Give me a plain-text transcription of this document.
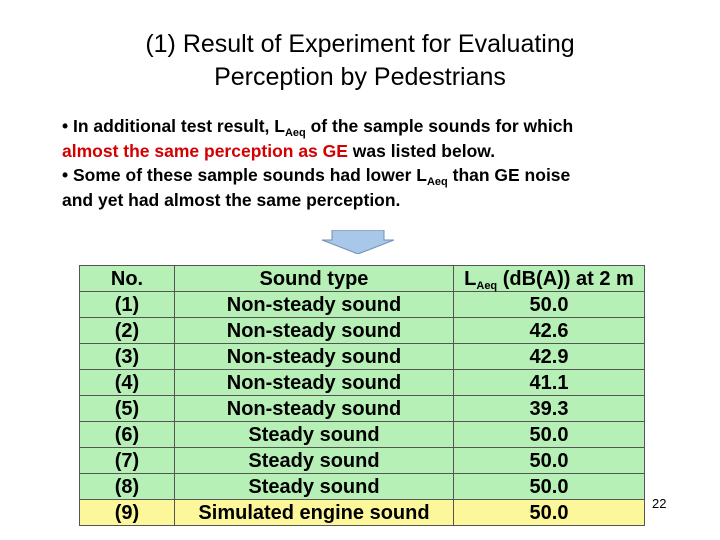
(1) Result of Experiment for Evaluating
Perception by Pedestrians
• In additional test result, $L_{Aeq}$ of the sample sounds for which
almost the same perception as GE was listed below.
• Some of these sample sounds had lower $L_{Aeq}$ than GE noise
and yet had almost the same perception.
No.	Sound type	$L_{Aeq}$ (dB(A)) at 2 m
(1)	Non-steady sound	50.0
(2)	Non-steady sound	42.6
(3)	Non-steady sound	42.9
(4)	Non-steady sound	41.1
(5)	Non-steady sound	39.3
(6)	Steady sound	50.0
(7)	Steady sound	50.0
(8)	Steady sound	50.0
(9)	Simulated engine sound	50.0	22
